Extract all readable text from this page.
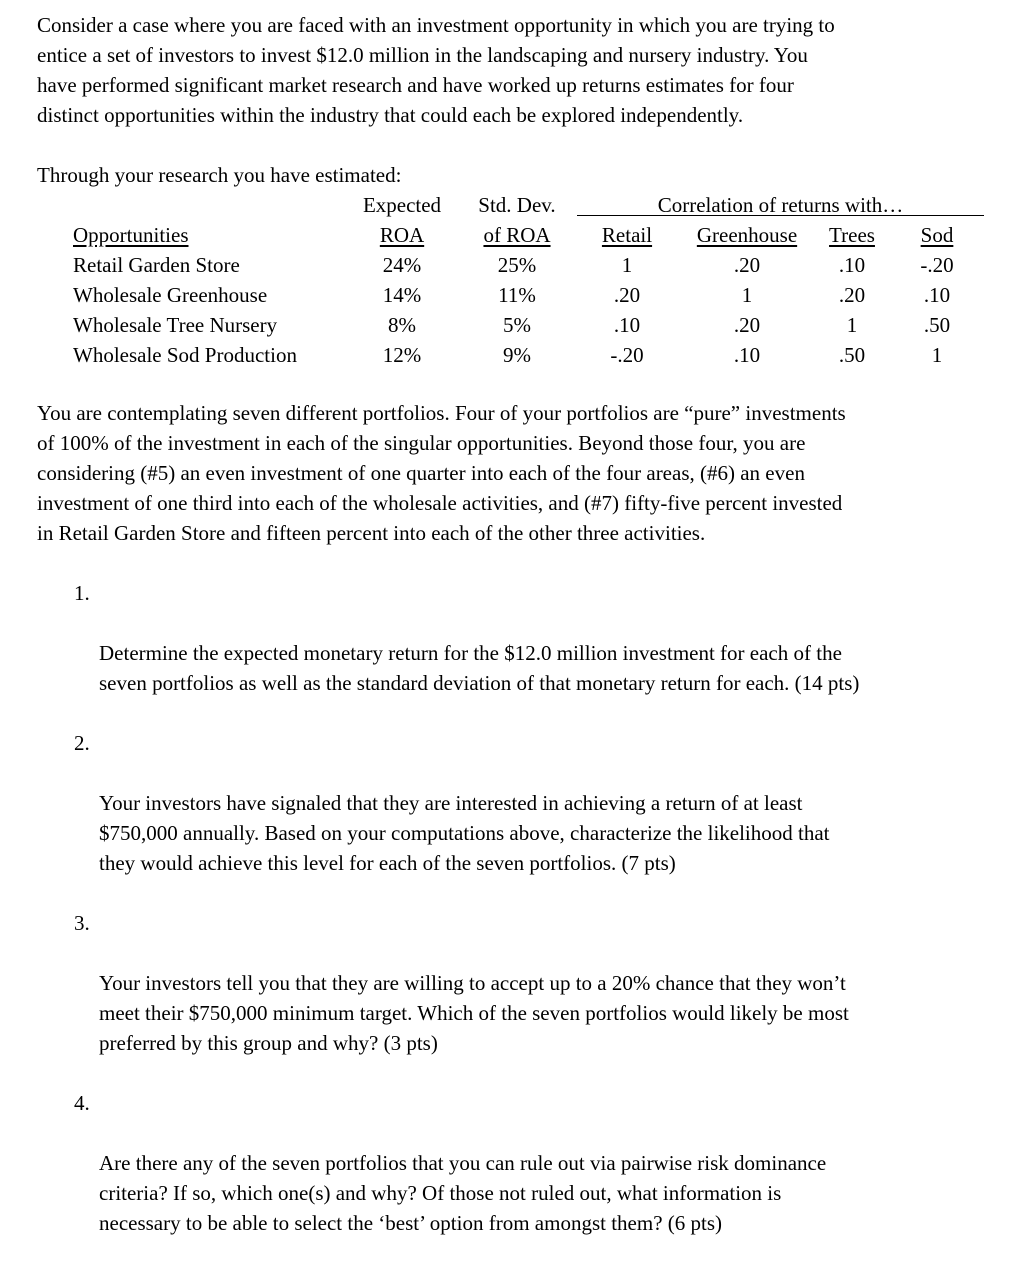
Consider a case where you are faced with an investment opportunity in which you are trying to
entice a set of investors to invest $12.0 million in the landscaping and nursery industry. You
have performed significant market research and have worked up returns estimates for four
distinct opportunities within the industry that could each be explored independently.

Through your research you have estimated:

Expected	Std. Dev.	Correlation of returns with…
Opportunities	ROA	of ROA	Retail	Greenhouse	Trees	Sod
Retail Garden Store	24%	25%	1	.20	.10	-.20
Wholesale Greenhouse	14%	11%	.20	1	.20	.10
Wholesale Tree Nursery	8%	5%	.10	.20	1	.50
Wholesale Sod Production	12%	9%	-.20	.10	.50	1

You are contemplating seven different portfolios. Four of your portfolios are “pure” investments
of 100% of the investment in each of the singular opportunities. Beyond those four, you are
considering (#5) an even investment of one quarter into each of the four areas, (#6) an even
investment of one third into each of the wholesale activities, and (#7) fifty-five percent invested
in Retail Garden Store and fifteen percent into each of the other three activities.

1.

Determine the expected monetary return for the $12.0 million investment for each of the
seven portfolios as well as the standard deviation of that monetary return for each. (14 pts)

2.

Your investors have signaled that they are interested in achieving a return of at least
$750,000 annually. Based on your computations above, characterize the likelihood that
they would achieve this level for each of the seven portfolios. (7 pts)

3.

Your investors tell you that they are willing to accept up to a 20% chance that they won’t
meet their $750,000 minimum target. Which of the seven portfolios would likely be most
preferred by this group and why? (3 pts)

4.

Are there any of the seven portfolios that you can rule out via pairwise risk dominance
criteria? If so, which one(s) and why? Of those not ruled out, what information is
necessary to be able to select the ‘best’ option from amongst them? (6 pts)
